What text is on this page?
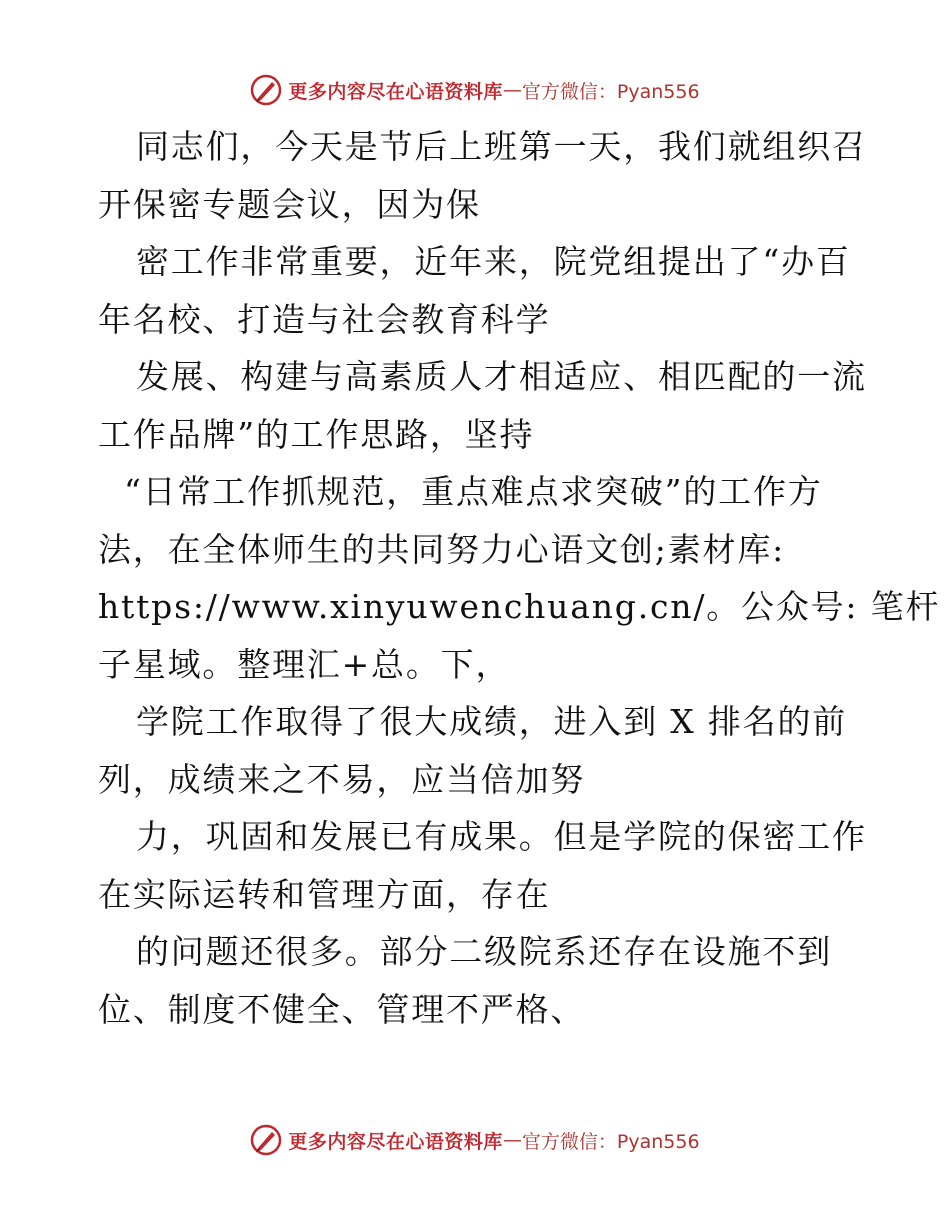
更多内容尽在心语资料库 — 官方微信：Pyan556
同志们，今天是节后上班第一天，我们就组织召
开保密专题会议，因为保
密工作非常重要，近年来，院党组提出了“办百
年名校、打造与社会教育科学
发展、构建与高素质人才相适应、相匹配的一流
工作品牌”的工作思路，坚持
“日常工作抓规范，重点难点求突破”的工作方
法，在全体师生的共同努力心语文创;素材库:
https://www.xinyuwenchuang.cn/。公众号: 笔杆
子星域。整理汇+总。下，
学院工作取得了很大成绩，进入到 X 排名的前
列，成绩来之不易，应当倍加努
力，巩固和发展已有成果。但是学院的保密工作
在实际运转和管理方面，存在
的问题还很多。部分二级院系还存在设施不到
位、制度不健全、管理不严格、
更多内容尽在心语资料库 — 官方微信：Pyan556
